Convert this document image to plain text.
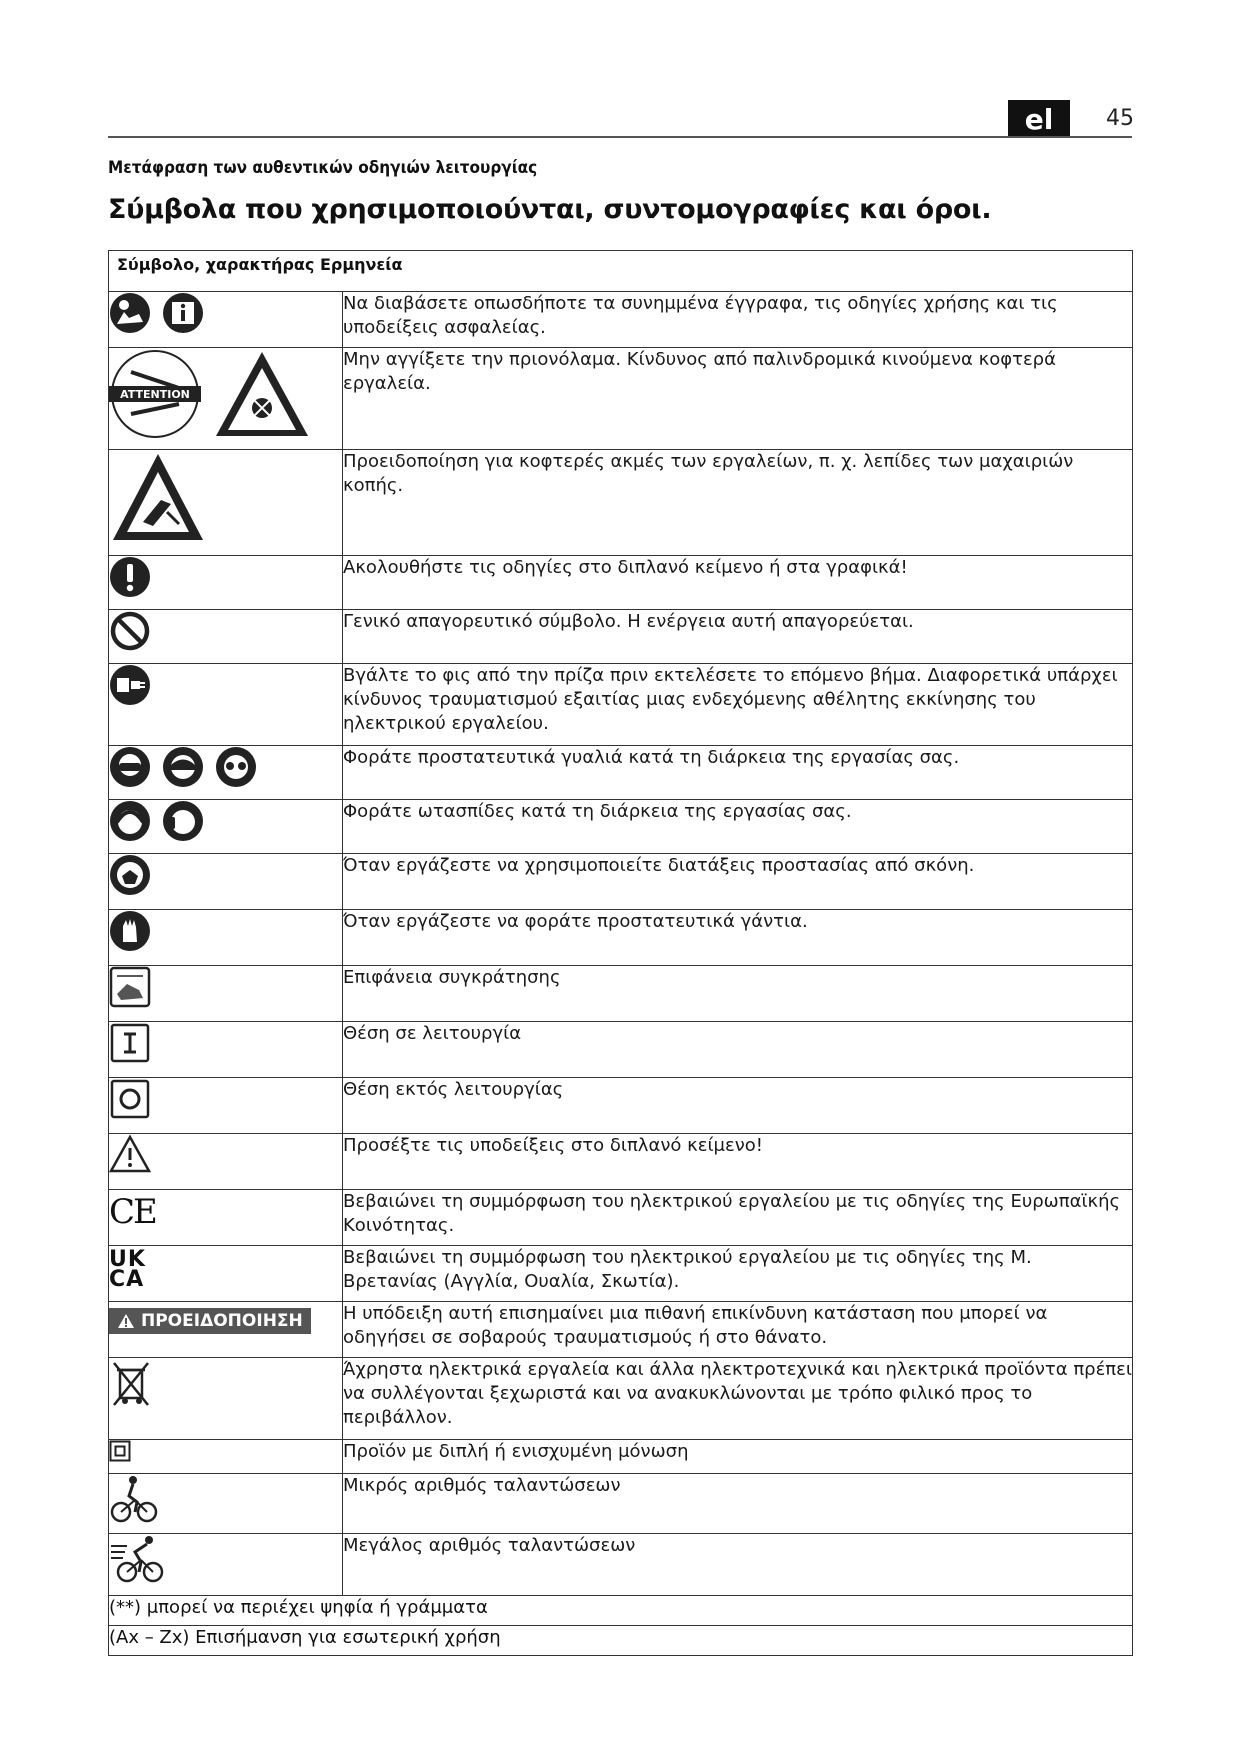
el	45
Μετάφραση των αυθεντικών οδηγιών λειτουργίας
Σύμβολα που χρησιμοποιούνται, συντομογραφίες και όροι.
Σύμβολο, χαρακτήρας Ερμηνεία	

	Να διαβάσετε οπωσδήποτε τα συνημμένα έγγραφα, τις οδηγίες χρήσης και τις υποδείξεις ασφαλείας.

ATTENTION	Μην αγγίξετε την πριονόλαμα. Κίνδυνος από παλινδρομικά κινούμενα κοφτερά εργαλεία.

	Προειδοποίηση για κοφτερές ακμές των εργαλείων, π. χ. λεπίδες των μαχαιριών κοπής.

	Ακολουθήστε τις οδηγίες στο διπλανό κείμενο ή στα γραφικά!

	Γενικό απαγορευτικό σύμβολο. Η ενέργεια αυτή απαγορεύεται.

	Βγάλτε το φις από την πρίζα πριν εκτελέσετε το επόμενο βήμα. Διαφορετικά υπάρχει κίνδυνος τραυματισμού εξαιτίας μιας ενδεχόμενης αθέλητης εκκίνησης του ηλεκτρικού εργαλείου.

	Φοράτε προστατευτικά γυαλιά κατά τη διάρκεια της εργασίας σας.

	Φοράτε ωτασπίδες κατά τη διάρκεια της εργασίας σας.

	Όταν εργάζεστε να χρησιμοποιείτε διατάξεις προστασίας από σκόνη.

	Όταν εργάζεστε να φοράτε προστατευτικά γάντια.

	Επιφάνεια συγκράτησης

	Θέση σε λειτουργία

	Θέση εκτός λειτουργίας

	Προσέξτε τις υποδείξεις στο διπλανό κείμενο!

CE	Βεβαιώνει τη συμμόρφωση του ηλεκτρικού εργαλείου με τις οδηγίες της Ευρωπαϊκής Κοινότητας.

UK
CA	Βεβαιώνει τη συμμόρφωση του ηλεκτρικού εργαλείου με τις οδηγίες της Μ. Βρετανίας (Αγγλία, Ουαλία, Σκωτία).

ΠΡΟΕΙΔΟΠΟΙΗΣΗ	Η υπόδειξη αυτή επισημαίνει μια πιθανή επικίνδυνη κατάσταση που μπορεί να οδηγήσει σε σοβαρούς τραυματισμούς ή στο θάνατο.

	Άχρηστα ηλεκτρικά εργαλεία και άλλα ηλεκτροτεχνικά και ηλεκτρικά προϊόντα πρέπει να συλλέγονται ξεχωριστά και να ανακυκλώνονται με τρόπο φιλικό προς το περιβάλλον.

	Προϊόν με διπλή ή ενισχυμένη μόνωση

	Μικρός αριθμός ταλαντώσεων

	Μεγάλος αριθμός ταλαντώσεων
(**) μπορεί να περιέχει ψηφία ή γράμματα	
(Ax – Zx) Επισήμανση για εσωτερική χρήση	
